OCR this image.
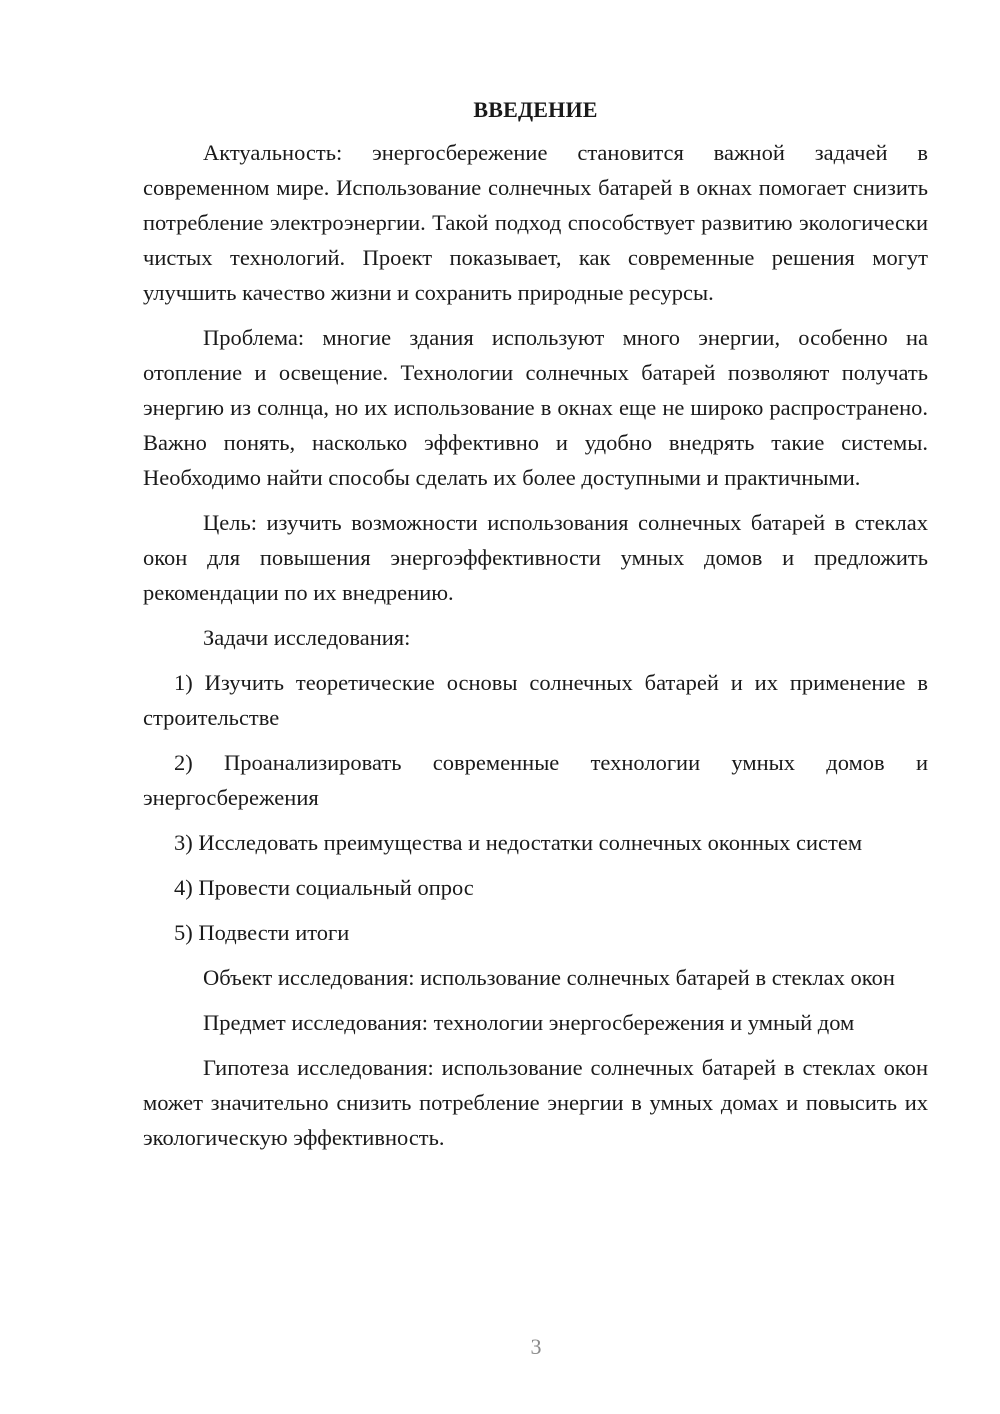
ВВЕДЕНИЕ

Актуальность: энергосбережение становится важной задачей в современном мире. Использование солнечных батарей в окнах помогает снизить потребление электроэнергии. Такой подход способствует развитию экологически чистых технологий. Проект показывает, как современные решения могут улучшить качество жизни и сохранить природные ресурсы.

Проблема: многие здания используют много энергии, особенно на отопление и освещение. Технологии солнечных батарей позволяют получать энергию из солнца, но их использование в окнах еще не широко распространено. Важно понять, насколько эффективно и удобно внедрять такие системы. Необходимо найти способы сделать их более доступными и практичными.

Цель: изучить возможности использования солнечных батарей в стеклах окон для повышения энергоэффективности умных домов и предложить рекомендации по их внедрению.

Задачи исследования:

1) Изучить теоретические основы солнечных батарей и их применение в строительстве

2) Проанализировать современные технологии умных домов и энергосбережения

3) Исследовать преимущества и недостатки солнечных оконных систем

4) Провести социальный опрос

5) Подвести итоги

Объект исследования: использование солнечных батарей в стеклах окон

Предмет исследования: технологии энергосбережения и умный дом

Гипотеза исследования: использование солнечных батарей в стеклах окон может значительно снизить потребление энергии в умных домах и повысить их экологическую эффективность.

3
